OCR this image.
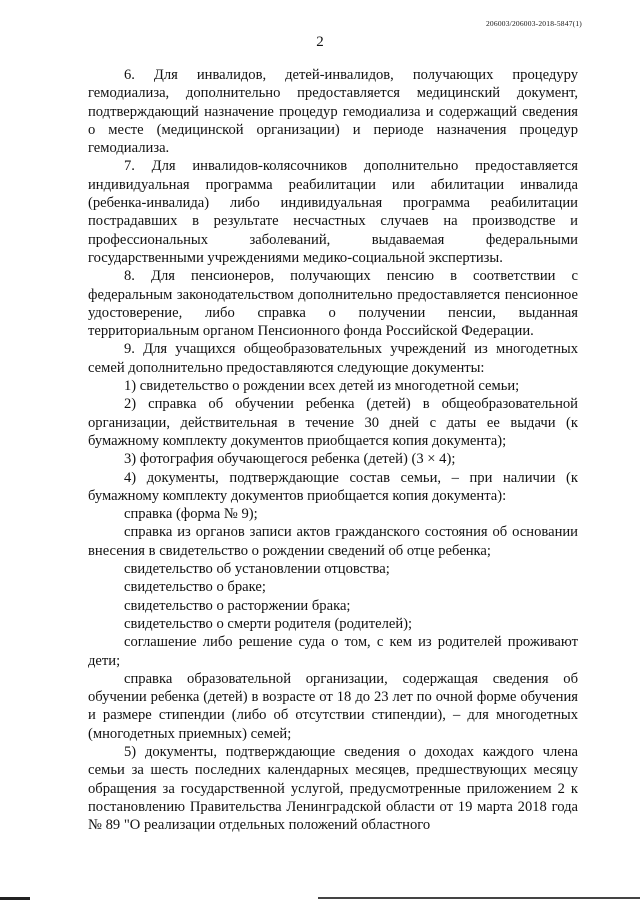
206003/206003-2018-5847(1)
2

6. Для инвалидов, детей-инвалидов, получающих процедуру гемодиализа, дополнительно предоставляется медицинский документ, подтверждающий назначение процедур гемодиализа и содержащий сведения о месте (медицинской организации) и периоде назначения процедур гемодиализа.

7. Для инвалидов-колясочников дополнительно предоставляется индивидуальная программа реабилитации или абилитации инвалида (ребенка-инвалида) либо индивидуальная программа реабилитации пострадавших в результате несчастных случаев на производстве и профессиональных заболеваний, выдаваемая федеральными государственными учреждениями медико-социальной экспертизы.

8. Для пенсионеров, получающих пенсию в соответствии с федеральным законодательством дополнительно предоставляется пенсионное удостоверение, либо справка о получении пенсии, выданная территориальным органом Пенсионного фонда Российской Федерации.

9. Для учащихся общеобразовательных учреждений из многодетных семей дополнительно предоставляются следующие документы:

1) свидетельство о рождении всех детей из многодетной семьи;

2) справка об обучении ребенка (детей) в общеобразовательной организации, действительная в течение 30 дней с даты ее выдачи (к бумажному комплекту документов приобщается копия документа);

3) фотография обучающегося ребенка (детей) (3 × 4);

4) документы, подтверждающие состав семьи, – при наличии (к бумажному комплекту документов приобщается копия документа):

справка (форма № 9);

справка из органов записи актов гражданского состояния об основании внесения в свидетельство о рождении сведений об отце ребенка;

свидетельство об установлении отцовства;

свидетельство о браке;

свидетельство о расторжении брака;

свидетельство о смерти родителя (родителей);

соглашение либо решение суда о том, с кем из родителей проживают дети;

справка образовательной организации, содержащая сведения об обучении ребенка (детей) в возрасте от 18 до 23 лет по очной форме обучения и размере стипендии (либо об отсутствии стипендии), – для многодетных (многодетных приемных) семей;

5) документы, подтверждающие сведения о доходах каждого члена семьи за шесть последних календарных месяцев, предшествующих месяцу обращения за государственной услугой, предусмотренные приложением 2 к постановлению Правительства Ленинградской области от 19 марта 2018 года № 89 "О реализации отдельных положений областного
